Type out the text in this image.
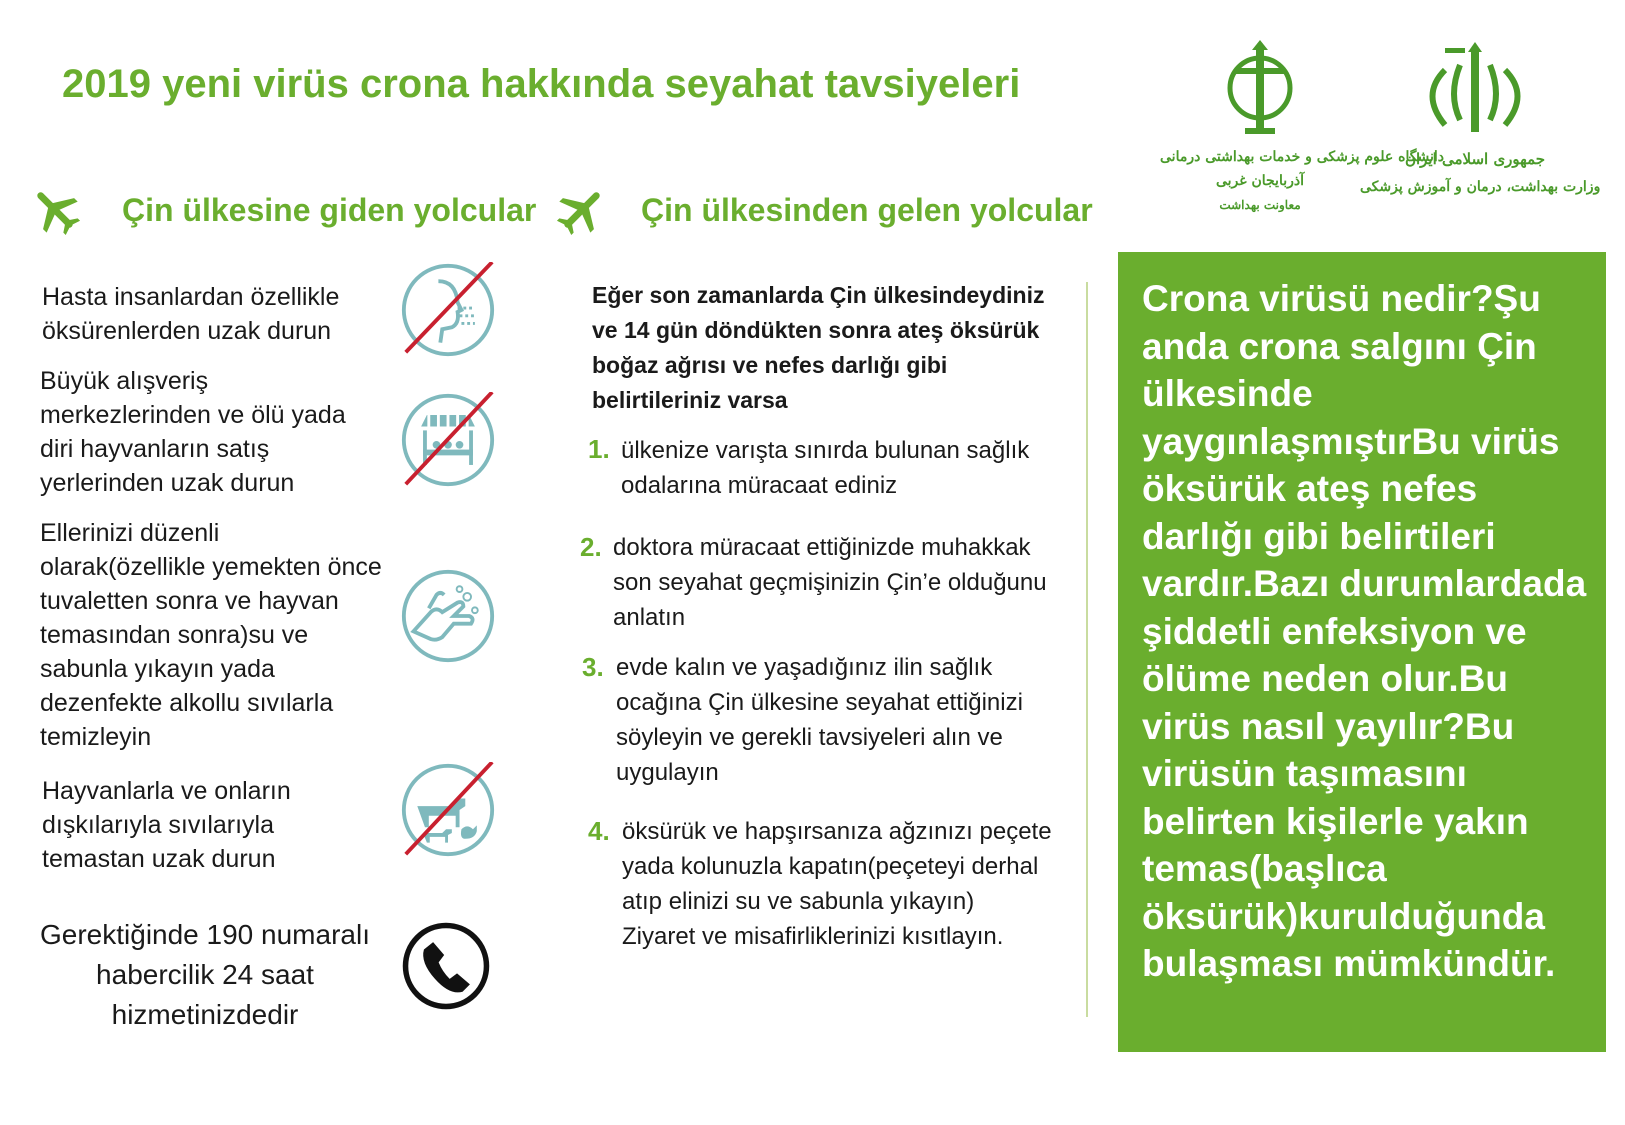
2019 yeni virüs crona hakkında seyahat tavsiyeleri
دانشگاه علوم پزشکی و خدمات بهداشتی درمانی
آذربایجان غربی
معاونت بهداشت
جمهوری اسلامی ایران
وزارت بهداشت، درمان و آموزش پزشکی
Çin ülkesine giden yolcular	Çin ülkesinden gelen yolcular
Hasta insanlardan özellikle öksürenlerden uzak durun
Büyük alışveriş merkezlerinden ve ölü yada diri hayvanların satış yerlerinden uzak durun
Ellerinizi düzenli olarak(özellikle yemekten önce tuvaletten sonra ve hayvan temasından sonra)su ve sabunla yıkayın yada dezenfekte alkollu sıvılarla temizleyin
Hayvanlarla ve onların dışkılarıyla sıvılarıyla temastan uzak durun
Gerektiğinde 190 numaralı habercilik 24 saat hizmetinizdedir
Eğer son zamanlarda Çin ülkesindeydiniz ve 14 gün döndükten sonra ateş öksürük boğaz ağrısı ve nefes darlığı gibi belirtileriniz varsa
1. ülkenize varışta sınırda bulunan sağlık odalarına müracaat ediniz
2. doktora müracaat ettiğinizde muhakkak son seyahat geçmişinizin Çin’e olduğunu anlatın
3. evde kalın ve yaşadığınız ilin sağlık ocağına Çin ülkesine seyahat ettiğinizi söyleyin ve gerekli tavsiyeleri alın ve uygulayın
4. öksürük ve hapşırsanıza ağzınızı peçete yada kolunuzla kapatın(peçeteyi derhal atıp elinizi su ve sabunla yıkayın) Ziyaret ve misafirliklerinizi kısıtlayın.
Crona virüsü nedir?Şu anda crona salgını Çin ülkesinde yaygınlaşmıştırBu virüs öksürük ateş nefes darlığı gibi belirtileri vardır.Bazı durumlardada şiddetli enfeksiyon ve ölüme neden olur.Bu virüs nasıl yayılır?Bu virüsün taşımasını belirten kişilerle yakın temas(başlıca öksürük)kurulduğunda bulaşması mümkündür.
